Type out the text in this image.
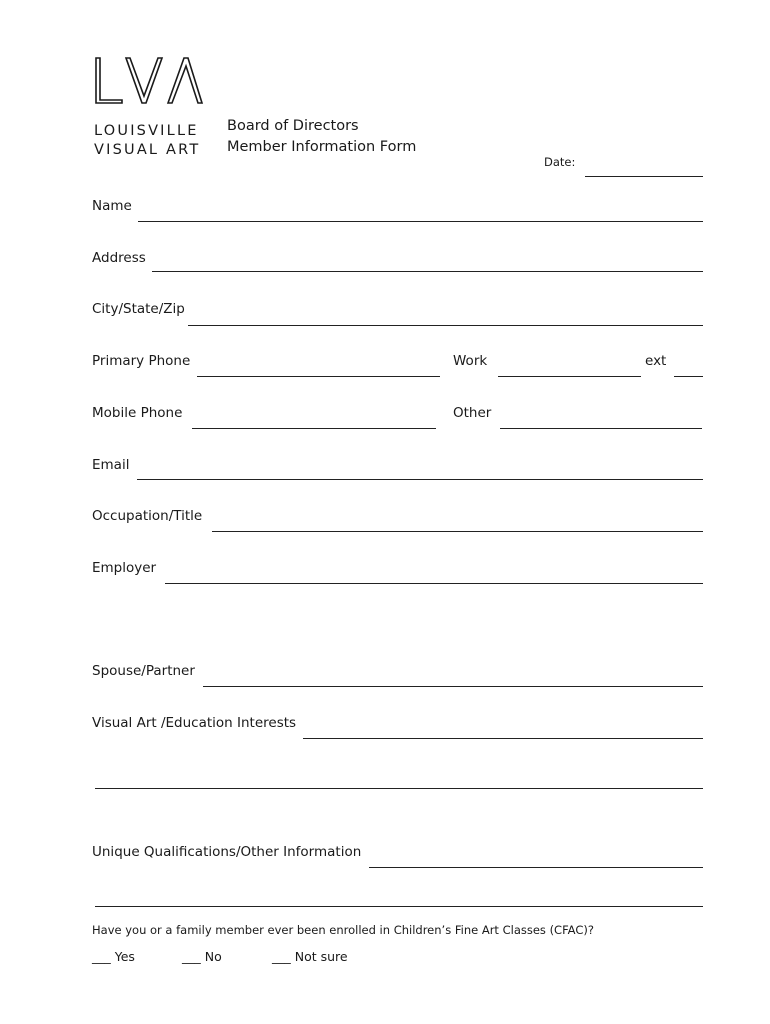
LOUISVILLE
VISUAL ART
Board of Directors
Member Information Form
Date:
Name
Address
City/State/Zip
Primary Phone	Work	ext
Mobile Phone	Other
Email
Occupation/Title
Employer
Spouse/Partner
Visual Art /Education Interests
Unique Qualifications/Other Information
Have you or a family member ever been enrolled in Children’s Fine Art Classes (CFAC)?
___ Yes	___ No	___ Not sure
